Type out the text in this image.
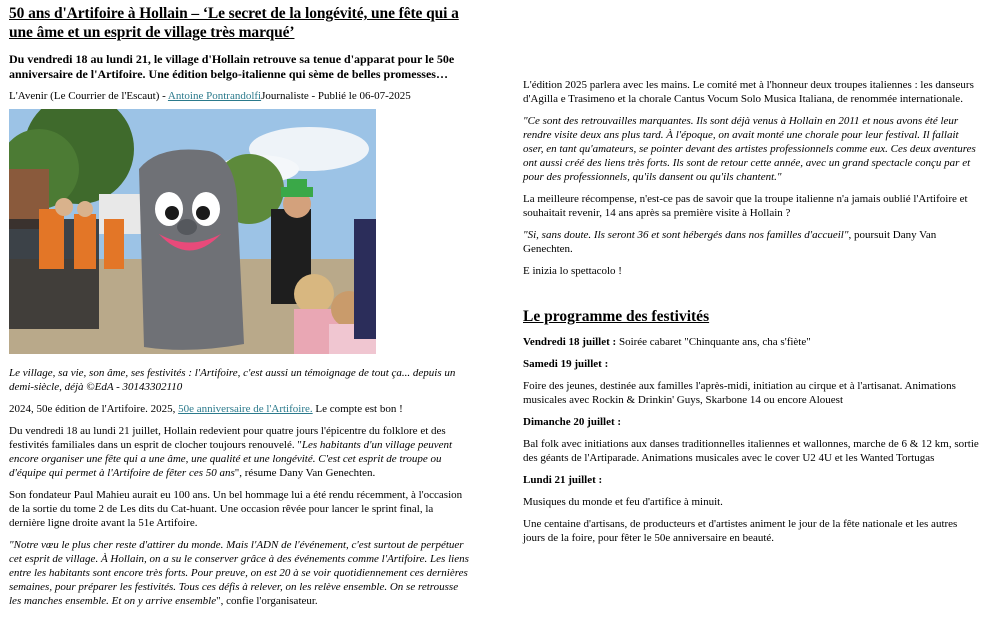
50 ans d'Artifoire à Hollain – ‘Le secret de la longévité, une fête qui a une âme et un esprit de village très marqué’

Du vendredi 18 au lundi 21, le village d'Hollain retrouve sa tenue d'apparat pour le 50e anniversaire de l'Artifoire. Une édition belgo-italienne qui sème de belles promesses…

L'Avenir (Le Courrier de l'Escaut) - Antoine PontrandolfiJournaliste - Publié le 06-07-2025

Le village, sa vie, son âme, ses festivités : l'Artifoire, c'est aussi un témoignage de tout ça... depuis un demi-siècle, déjà ©EdA - 30143302110

2024, 50e édition de l'Artifoire. 2025, 50e anniversaire de l'Artifoire. Le compte est bon !

Du vendredi 18 au lundi 21 juillet, Hollain redevient pour quatre jours l'épicentre du folklore et des festivités familiales dans un esprit de clocher toujours renouvelé. "Les habitants d'un village peuvent encore organiser une fête qui a une âme, une qualité et une longévité. C'est cet esprit de troupe ou d'équipe qui permet à l'Artifoire de fêter ces 50 ans", résume Dany Van Genechten.

Son fondateur Paul Mahieu aurait eu 100 ans. Un bel hommage lui a été rendu récemment, à l'occasion de la sortie du tome 2 de Les dits du Cat-huant. Une occasion rêvée pour lancer le sprint final, la dernière ligne droite avant la 51e Artifoire.

"Notre vœu le plus cher reste d'attirer du monde. Mais l'ADN de l'événement, c'est surtout de perpétuer cet esprit de village. À Hollain, on a su le conserver grâce à des événements comme l'Artifoire. Les liens entre les habitants sont encore très forts. Pour preuve, on est 20 à se voir quotidiennement ces dernières semaines, pour préparer les festivités. Tous ces défis à relever, on les relève ensemble. On se retrousse les manches ensemble. Et on y arrive ensemble", confie l'organisateur.

L'édition 2025 parlera avec les mains. Le comité met à l'honneur deux troupes italiennes : les danseurs d'Agilla e Trasimeno et la chorale Cantus Vocum Solo Musica Italiana, de renommée internationale.

"Ce sont des retrouvailles marquantes. Ils sont déjà venus à Hollain en 2011 et nous avons été leur rendre visite deux ans plus tard. À l'époque, on avait monté une chorale pour leur festival. Il fallait oser, en tant qu'amateurs, se pointer devant des artistes professionnels comme eux. Ces deux aventures ont aussi créé des liens très forts. Ils sont de retour cette année, avec un grand spectacle conçu par et pour des professionnels, qu'ils dansent ou qu'ils chantent."

La meilleure récompense, n'est-ce pas de savoir que la troupe italienne n'a jamais oublié l'Artifoire et souhaitait revenir, 14 ans après sa première visite à Hollain ?

"Si, sans doute. Ils seront 36 et sont hébergés dans nos familles d'accueil", poursuit Dany Van Genechten.

E inizia lo spettacolo !

Le programme des festivités

Vendredi 18 juillet : Soirée cabaret "Chinquante ans, cha s'fiète"

Samedi 19 juillet :

Foire des jeunes, destinée aux familles l'après-midi, initiation au cirque et à l'artisanat. Animations musicales avec Rockin & Drinkin' Guys, Skarbone 14 ou encore Alouest

Dimanche 20 juillet :

Bal folk avec initiations aux danses traditionnelles italiennes et wallonnes, marche de 6 & 12 km, sortie des géants de l'Artiparade. Animations musicales avec le cover U2 4U et les Wanted Tortugas

Lundi 21 juillet :

Musiques du monde et feu d'artifice à minuit.

Une centaine d'artisans, de producteurs et d'artistes animent le jour de la fête nationale et les autres jours de la foire, pour fêter le 50e anniversaire en beauté.
